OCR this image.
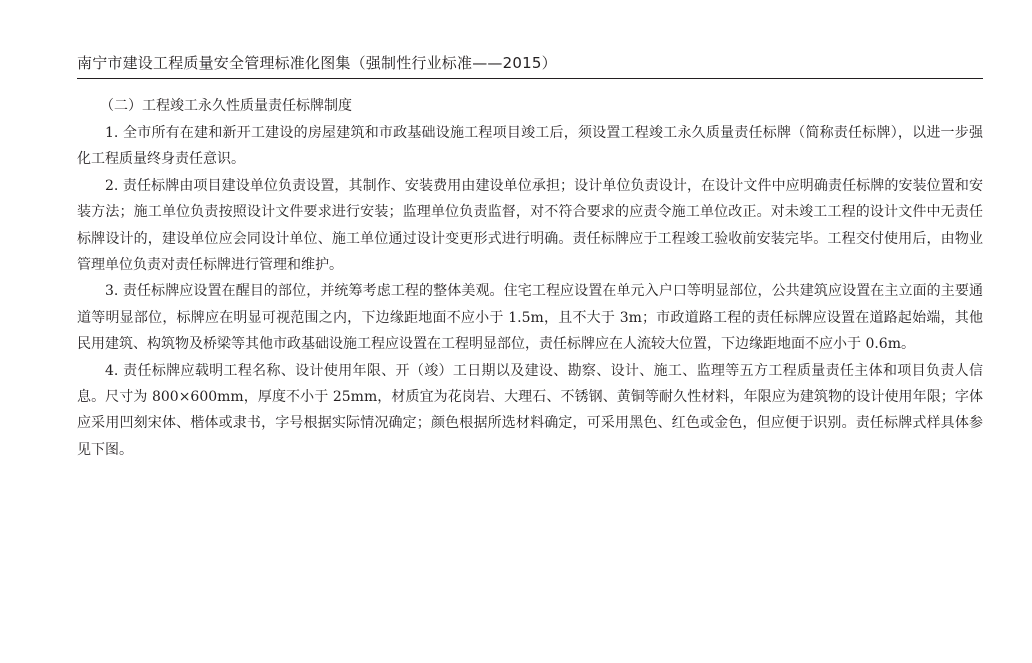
南宁市建设工程质量安全管理标准化图集（强制性行业标准——2015）
（二）工程竣工永久性质量责任标牌制度

1. 全市所有在建和新开工建设的房屋建筑和市政基础设施工程项目竣工后，须设置工程竣工永久质量责任标牌（简称责任标牌），以进一步强化工程质量终身责任意识。

2. 责任标牌由项目建设单位负责设置，其制作、安装费用由建设单位承担；设计单位负责设计，在设计文件中应明确责任标牌的安装位置和安装方法；施工单位负责按照设计文件要求进行安装；监理单位负责监督，对不符合要求的应责令施工单位改正。对未竣工工程的设计文件中无责任标牌设计的，建设单位应会同设计单位、施工单位通过设计变更形式进行明确。责任标牌应于工程竣工验收前安装完毕。工程交付使用后，由物业管理单位负责对责任标牌进行管理和维护。

3. 责任标牌应设置在醒目的部位，并统筹考虑工程的整体美观。住宅工程应设置在单元入户口等明显部位，公共建筑应设置在主立面的主要通道等明显部位，标牌应在明显可视范围之内，下边缘距地面不应小于 1.5m，且不大于 3m；市政道路工程的责任标牌应设置在道路起始端，其他民用建筑、构筑物及桥梁等其他市政基础设施工程应设置在工程明显部位，责任标牌应在人流较大位置，下边缘距地面不应小于 0.6m。

4. 责任标牌应载明工程名称、设计使用年限、开（竣）工日期以及建设、勘察、设计、施工、监理等五方工程质量责任主体和项目负责人信息。尺寸为 800×600mm，厚度不小于 25mm，材质宜为花岗岩、大理石、不锈钢、黄铜等耐久性材料，年限应为建筑物的设计使用年限；字体应采用凹刻宋体、楷体或隶书，字号根据实际情况确定；颜色根据所选材料确定，可采用黑色、红色或金色，但应便于识别。责任标牌式样具体参见下图。
